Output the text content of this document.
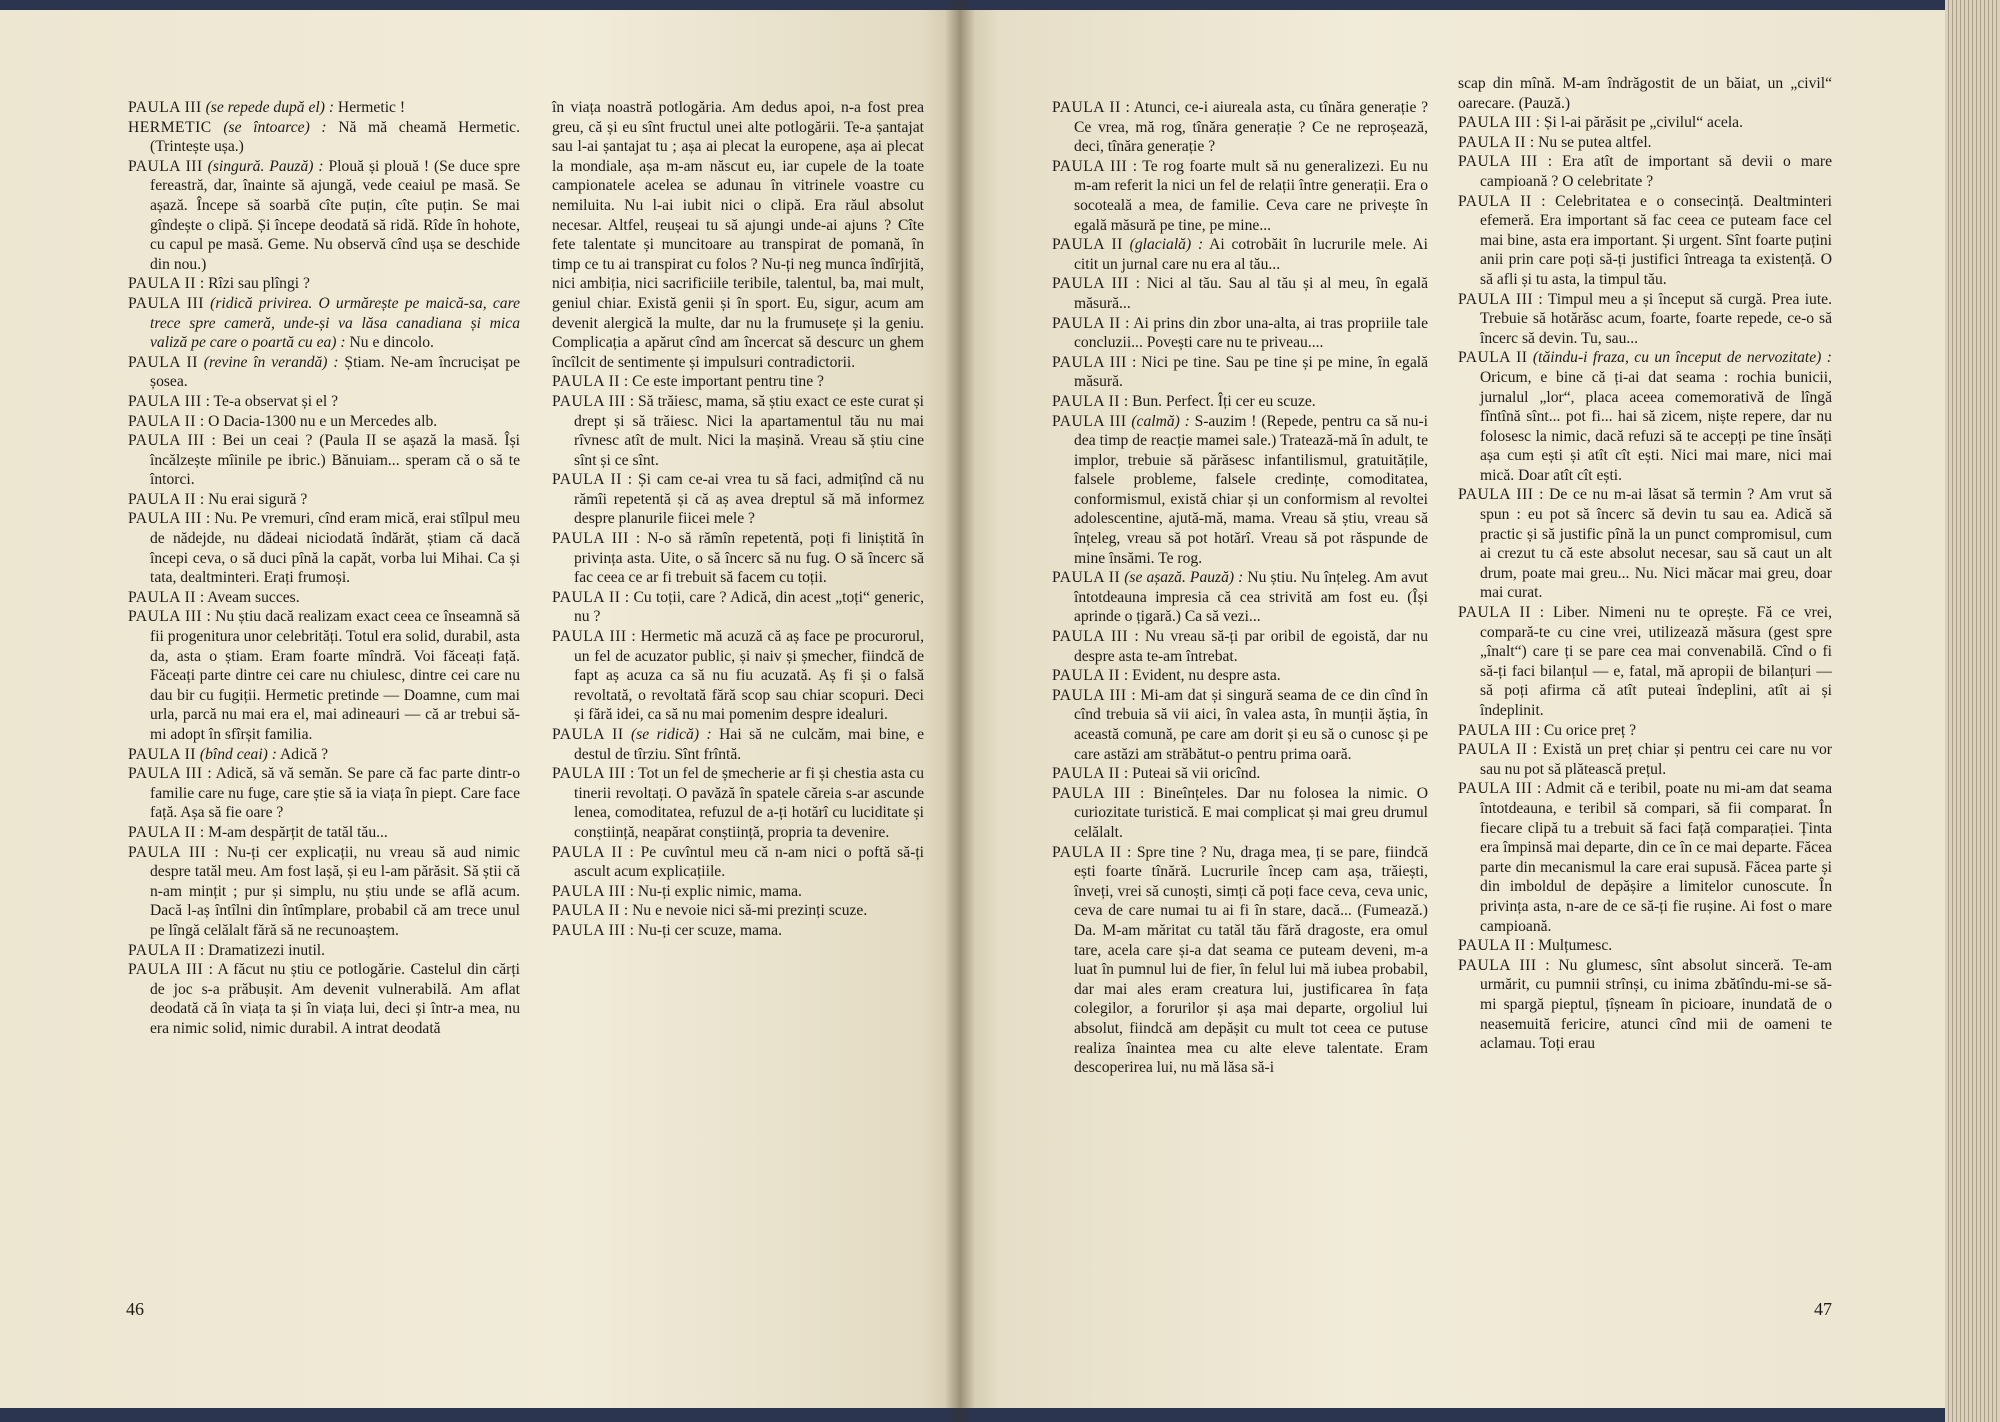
PAULA III (se repede după el) : Hermetic !

HERMETIC (se întoarce) : Nă mă cheamă Hermetic. (Trintește ușa.)

PAULA III (singură. Pauză) : Plouă și plouă ! (Se duce spre fereastră, dar, înainte să ajungă, vede ceaiul pe masă. Se așază. Începe să soarbă cîte puțin, cîte puțin. Se mai gîndește o clipă. Și începe deodată să ridă. Rîde în hohote, cu capul pe masă. Geme. Nu observă cînd ușa se deschide din nou.)

PAULA II : Rîzi sau plîngi ?

PAULA III (ridică privirea. O urmărește pe maică-sa, care trece spre cameră, unde-și va lăsa canadiana și mica valiză pe care o poartă cu ea) : Nu e dincolo.

PAULA II (revine în verandă) : Știam. Ne-am încrucișat pe șosea.

PAULA III : Te-a observat și el ?

PAULA II : O Dacia-1300 nu e un Mercedes alb.

PAULA III : Bei un ceai ? (Paula II se așază la masă. Își încălzește mîinile pe ibric.) Bănuiam... speram că o să te întorci.

PAULA II : Nu erai sigură ?

PAULA III : Nu. Pe vremuri, cînd eram mică, erai stîlpul meu de nădejde, nu dădeai niciodată îndărăt, știam că dacă începi ceva, o să duci pînă la capăt, vorba lui Mihai. Ca și tata, dealtminteri. Erați frumoși.

PAULA II : Aveam succes.

PAULA III : Nu știu dacă realizam exact ceea ce înseamnă să fii progenitura unor celebrități. Totul era solid, durabil, asta da, asta o știam. Eram foarte mîndră. Voi făceați față. Făceați parte dintre cei care nu chiulesc, dintre cei care nu dau bir cu fugiții. Hermetic pretinde — Doamne, cum mai urla, parcă nu mai era el, mai adineauri — că ar trebui să-mi adopt în sfîrșit familia.

PAULA II (bînd ceai) : Adică ?

PAULA III : Adică, să vă semăn. Se pare că fac parte dintr-o familie care nu fuge, care știe să ia viața în piept. Care face față. Așa să fie oare ?

PAULA II : M-am despărțit de tatăl tău...

PAULA III : Nu-ți cer explicații, nu vreau să aud nimic despre tatăl meu. Am fost lașă, și eu l-am părăsit. Să știi că n-am mințit ; pur și simplu, nu știu unde se află acum. Dacă l-aș întîlni din întîmplare, probabil că am trece unul pe lîngă celălalt fără să ne recunoaștem.

PAULA II : Dramatizezi inutil.

PAULA III : A făcut nu știu ce potlogărie. Castelul din cărți de joc s-a prăbușit. Am devenit vulnerabilă. Am aflat deodată că în viața ta și în viața lui, deci și într-a mea, nu era nimic solid, nimic durabil. A intrat deodată

în viața noastră potlogăria. Am dedus apoi, n-a fost prea greu, că și eu sînt fructul unei alte potlogării. Te-a șantajat sau l-ai șantajat tu ; așa ai plecat la europene, așa ai plecat la mondiale, așa m-am născut eu, iar cupele de la toate campionatele acelea se adunau în vitrinele voastre cu nemiluita. Nu l-ai iubit nici o clipă. Era răul absolut necesar. Altfel, reușeai tu să ajungi unde-ai ajuns ? Cîte fete talentate și muncitoare au transpirat de pomană, în timp ce tu ai transpirat cu folos ? Nu-ți neg munca îndîrjită, nici ambiția, nici sacrificiile teribile, talentul, ba, mai mult, geniul chiar. Există genii și în sport. Eu, sigur, acum am devenit alergică la multe, dar nu la frumusețe și la geniu. Complicația a apărut cînd am încercat să descurc un ghem încîlcit de sentimente și impulsuri contradictorii.

PAULA II : Ce este important pentru tine ?

PAULA III : Să trăiesc, mama, să știu exact ce este curat și drept și să trăiesc. Nici la apartamentul tău nu mai rîvnesc atît de mult. Nici la mașină. Vreau să știu cine sînt și ce sînt.

PAULA II : Și cam ce-ai vrea tu să faci, admițînd că nu rămîi repetentă și că aș avea dreptul să mă informez despre planurile fiicei mele ?

PAULA III : N-o să rămîn repetentă, poți fi liniștită în privința asta. Uite, o să încerc să nu fug. O să încerc să fac ceea ce ar fi trebuit să facem cu toții.

PAULA II : Cu toții, care ? Adică, din acest „toți“ generic, nu ?

PAULA III : Hermetic mă acuză că aș face pe procurorul, un fel de acuzator public, și naiv și șmecher, fiindcă de fapt aș acuza ca să nu fiu acuzată. Aș fi și o falsă revoltată, o revoltată fără scop sau chiar scopuri. Deci și fără idei, ca să nu mai pomenim despre idealuri.

PAULA II (se ridică) : Hai să ne culcăm, mai bine, e destul de tîrziu. Sînt frîntă.

PAULA III : Tot un fel de șmecherie ar fi și chestia asta cu tinerii revoltați. O pavăză în spatele căreia s-ar ascunde lenea, comoditatea, refuzul de a-ți hotărî cu luciditate și conștiință, neapărat conștiință, propria ta devenire.

PAULA II : Pe cuvîntul meu că n-am nici o poftă să-ți ascult acum explicațiile.

PAULA III : Nu-ți explic nimic, mama.

PAULA II : Nu e nevoie nici să-mi prezinți scuze.

PAULA III : Nu-ți cer scuze, mama.

46

PAULA II : Atunci, ce-i aiureala asta, cu tînăra generație ? Ce vrea, mă rog, tînăra generație ? Ce ne reproșează, deci, tînăra generație ?

PAULA III : Te rog foarte mult să nu generalizezi. Eu nu m-am referit la nici un fel de relații între generații. Era o socoteală a mea, de familie. Ceva care ne privește în egală măsură pe tine, pe mine...

PAULA II (glacială) : Ai cotrobăit în lucrurile mele. Ai citit un jurnal care nu era al tău...

PAULA III : Nici al tău. Sau al tău și al meu, în egală măsură...

PAULA II : Ai prins din zbor una-alta, ai tras propriile tale concluzii... Povești care nu te priveau....

PAULA III : Nici pe tine. Sau pe tine și pe mine, în egală măsură.

PAULA II : Bun. Perfect. Îți cer eu scuze.

PAULA III (calmă) : S-auzim ! (Repede, pentru ca să nu-i dea timp de reacție mamei sale.) Tratează-mă în adult, te implor, trebuie să părăsesc infantilismul, gratuitățile, falsele probleme, falsele credințe, comoditatea, conformismul, există chiar și un conformism al revoltei adolescentine, ajută-mă, mama. Vreau să știu, vreau să înțeleg, vreau să pot hotărî. Vreau să pot răspunde de mine însămi. Te rog.

PAULA II (se așază. Pauză) : Nu știu. Nu înțeleg. Am avut întotdeauna impresia că cea strivită am fost eu. (Își aprinde o țigară.) Ca să vezi...

PAULA III : Nu vreau să-ți par oribil de egoistă, dar nu despre asta te-am întrebat.

PAULA II : Evident, nu despre asta.

PAULA III : Mi-am dat și singură seama de ce din cînd în cînd trebuia să vii aici, în valea asta, în munții ăștia, în această comună, pe care am dorit și eu să o cunosc și pe care astăzi am străbătut-o pentru prima oară.

PAULA II : Puteai să vii oricînd.

PAULA III : Bineînțeles. Dar nu folosea la nimic. O curiozitate turistică. E mai complicat și mai greu drumul celălalt.

PAULA II : Spre tine ? Nu, draga mea, ți se pare, fiindcă ești foarte tînără. Lucrurile încep cam așa, trăiești, înveți, vrei să cunoști, simți că poți face ceva, ceva unic, ceva de care numai tu ai fi în stare, dacă... (Fumează.) Da. M-am măritat cu tatăl tău fără dragoste, era omul tare, acela care și-a dat seama ce puteam deveni, m-a luat în pumnul lui de fier, în felul lui mă iubea probabil, dar mai ales eram creatura lui, justificarea în fața colegilor, a forurilor și așa mai departe, orgoliul lui absolut, fiindcă am depășit cu mult tot ceea ce putuse realiza înaintea mea cu alte eleve talentate. Eram descoperirea lui, nu mă lăsa să-i

scap din mînă. M-am îndrăgostit de un băiat, un „civil“ oarecare. (Pauză.)

PAULA III : Și l-ai părăsit pe „civilul“ acela.

PAULA II : Nu se putea altfel.

PAULA III : Era atît de important să devii o mare campioană ? O celebritate ?

PAULA II : Celebritatea e o consecință. Dealtminteri efemeră. Era important să fac ceea ce puteam face cel mai bine, asta era important. Și urgent. Sînt foarte puțini anii prin care poți să-ți justifici întreaga ta existență. O să afli și tu asta, la timpul tău.

PAULA III : Timpul meu a și început să curgă. Prea iute. Trebuie să hotărăsc acum, foarte, foarte repede, ce-o să încerc să devin. Tu, sau...

PAULA II (tăindu-i fraza, cu un început de nervozitate) : Oricum, e bine că ți-ai dat seama : rochia bunicii, jurnalul „lor“, placa aceea comemorativă de lîngă fîntînă sînt... pot fi... hai să zicem, niște repere, dar nu folosesc la nimic, dacă refuzi să te accepți pe tine însăți așa cum ești și atît cît ești. Nici mai mare, nici mai mică. Doar atît cît ești.

PAULA III : De ce nu m-ai lăsat să termin ? Am vrut să spun : eu pot să încerc să devin tu sau ea. Adică să practic și să justific pînă la un punct compromisul, cum ai crezut tu că este absolut necesar, sau să caut un alt drum, poate mai greu... Nu. Nici măcar mai greu, doar mai curat.

PAULA II : Liber. Nimeni nu te oprește. Fă ce vrei, compară-te cu cine vrei, utilizează măsura (gest spre „înalt“) care ți se pare cea mai convenabilă. Cînd o fi să-ți faci bilanțul — e, fatal, mă apropii de bilanțuri — să poți afirma că atît puteai îndeplini, atît ai și îndeplinit.

PAULA III : Cu orice preț ?

PAULA II : Există un preț chiar și pentru cei care nu vor sau nu pot să plătească prețul.

PAULA III : Admit că e teribil, poate nu mi-am dat seama întotdeauna, e teribil să compari, să fii comparat. În fiecare clipă tu a trebuit să faci față comparației. Ținta era împinsă mai departe, din ce în ce mai departe. Făcea parte din mecanismul la care erai supusă. Făcea parte și din imboldul de depășire a limitelor cunoscute. În privința asta, n-are de ce să-ți fie rușine. Ai fost o mare campioană.

PAULA II : Mulțumesc.

PAULA III : Nu glumesc, sînt absolut sinceră. Te-am urmărit, cu pumnii strînși, cu inima zbătîndu-mi-se să-mi spargă pieptul, țîșneam în picioare, inundată de o neasemuită fericire, atunci cînd mii de oameni te aclamau. Toți erau

47
